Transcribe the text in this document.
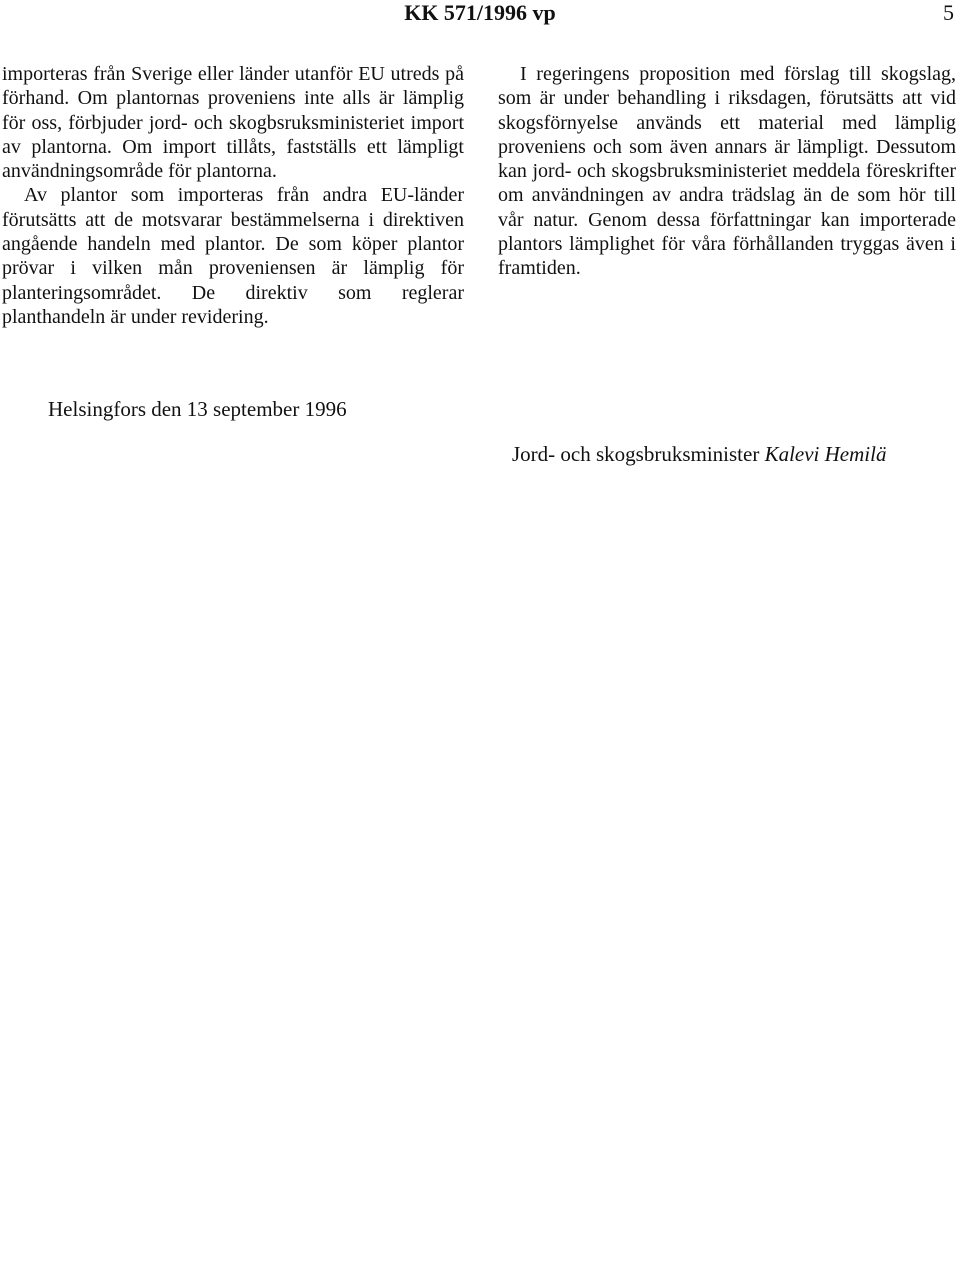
KK 571/1996 vp	5

importeras från Sverige eller länder utanför EU utreds på förhand. Om plantornas proveniens inte alls är lämplig för oss, förbjuder jord- och skogbsruksministeriet import av plantorna. Om import tillåts, fastställs ett lämpligt användningsområde för plantorna.

Av plantor som importeras från andra EU-länder förutsätts att de motsvarar bestämmelserna i direktiven angående handeln med plantor. De som köper plantor prövar i vilken mån proveniensen är lämplig för planteringsområdet. De direktiv som reglerar planthandeln är under revidering.

I regeringens proposition med förslag till skogslag, som är under behandling i riksdagen, förutsätts att vid skogsförnyelse används ett material med lämplig proveniens och som även annars är lämpligt. Dessutom kan jord- och skogsbruksministeriet meddela föreskrifter om användningen av andra trädslag än de som hör till vår natur. Genom dessa författningar kan importerade plantors lämplighet för våra förhållanden tryggas även i framtiden.

Helsingfors den 13 september 1996
Jord- och skogsbruksminister Kalevi Hemilä
